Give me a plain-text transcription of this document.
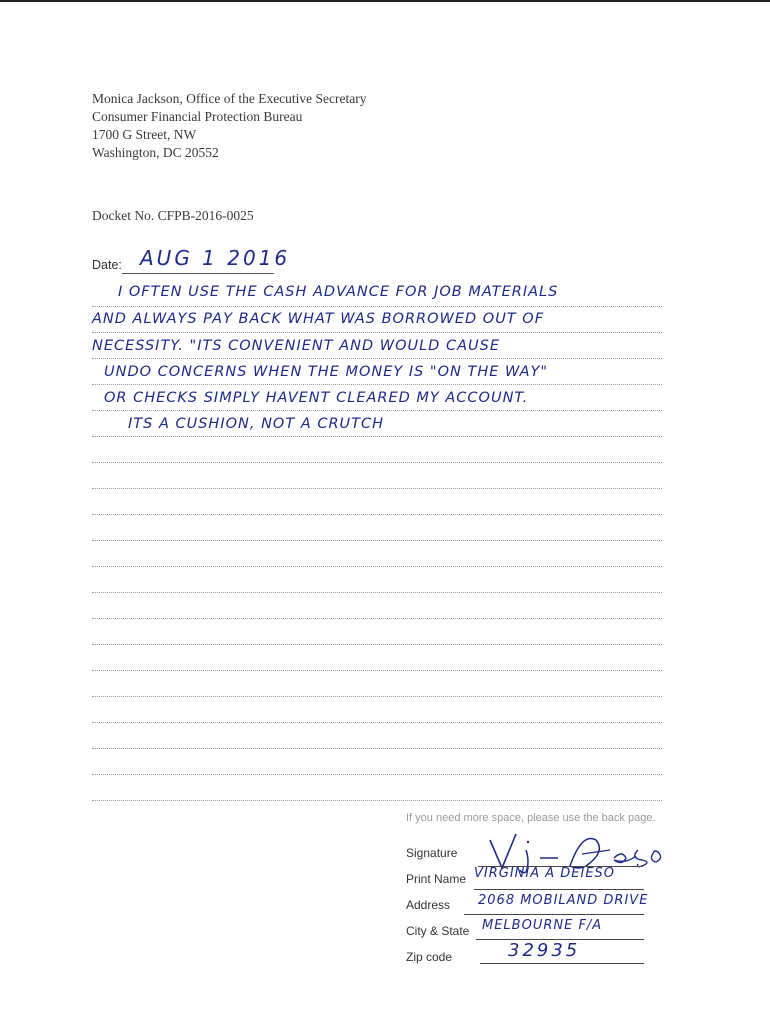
Monica Jackson, Office of the Executive Secretary
Consumer Financial Protection Bureau
1700 G Street, NW
Washington, DC 20552
Docket No. CFPB-2016-0025
Date: AUG 1 2016
I OFTEN USE THE CASH ADVANCE FOR JOB MATERIALS
AND ALWAYS PAY BACK WHAT WAS BORROWED OUT OF
NECESSITY. "ITS CONVENIENT AND WOULD CAUSE
UNDO CONCERNS WHEN THE MONEY IS "ON THE WAY"
OR CHECKS SIMPLY HAVENT CLEARED MY ACCOUNT.
ITS A CUSHION, NOT A CRUTCH
If you need more space, please use the back page.
Signature
Print Name VIRGINIA A DEIESO
Address 2068 MOBILAND DRIVE
City & State MELBOURNE F/A
Zip code	32935
